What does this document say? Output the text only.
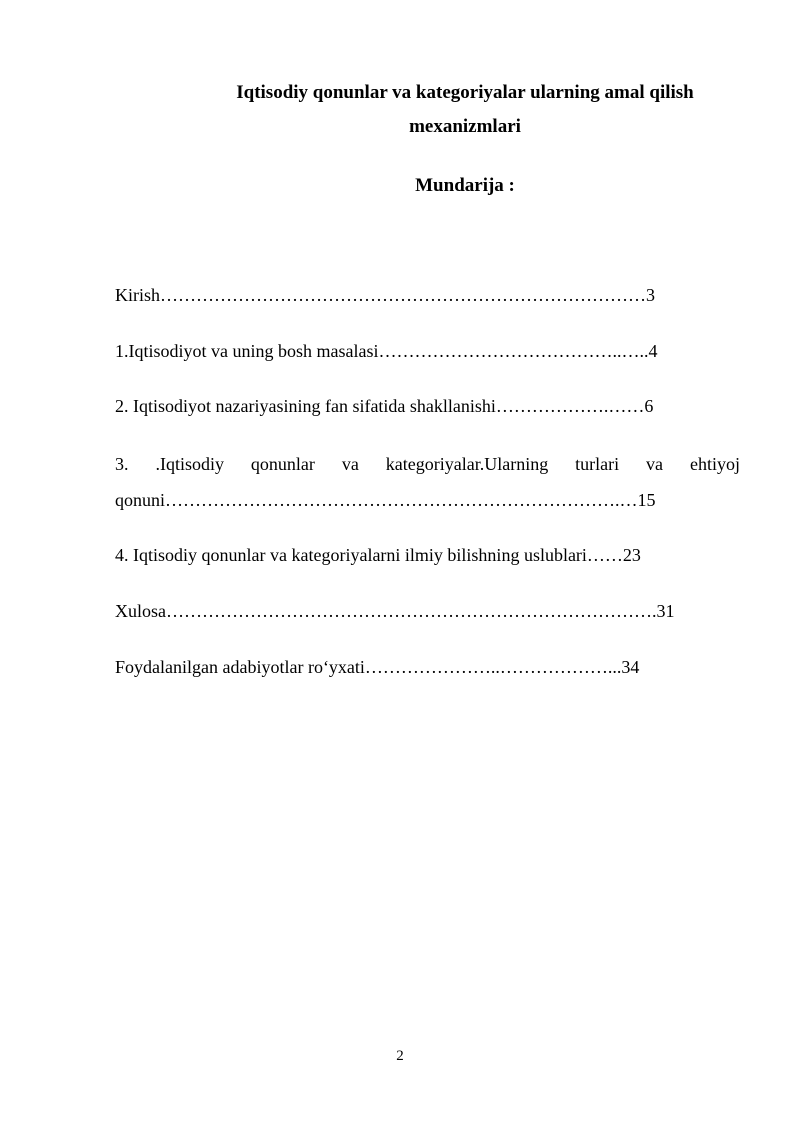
Iqtisodiy qonunlar va kategoriyalar ularning amal qilish
mexanizmlari
Mundarija :
Kirish………………………………………………………………………3
1.Iqtisodiyot va uning bosh masalasi…………………………………..…..4
2. Iqtisodiyot nazariyasining fan sifatida shakllanishi……………….……6
3. .Iqtisodiy qonunlar va kategoriyalar.Ularning turlari va ehtiyoj
qonuni………………………………………………………………….…15
4. Iqtisodiy qonunlar va kategoriyalarni ilmiy bilishning uslublari……23
Xulosa……………………………………………………………………….31
Foydalanilgan adabiyotlar ro‘yxati…………………..………………...34
2
